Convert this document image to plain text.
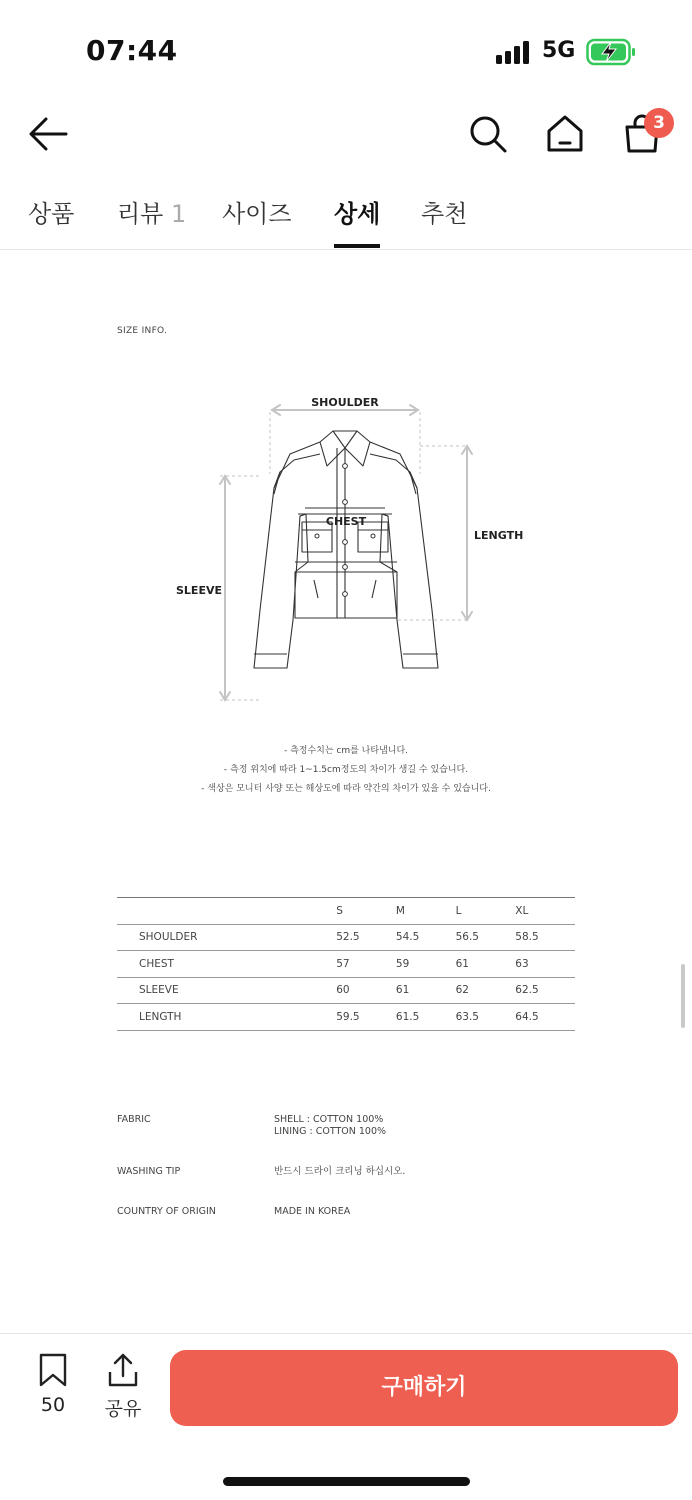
07:44	5G
3
상품 리뷰 1 사이즈 상세 추천
SIZE INFO.
SHOULDER
CHEST
LENGTH
SLEEVE
- 측정수치는 cm를 나타냅니다.
- 측정 위치에 따라 1~1.5cm정도의 차이가 생길 수 있습니다.
- 색상은 모니터 사양 또는 해상도에 따라 약간의 차이가 있을 수 있습니다.
	S	M	L	XL
SHOULDER	52.5	54.5	56.5	58.5
CHEST	57	59	61	63
SLEEVE	60	61	62	62.5
LENGTH	59.5	61.5	63.5	64.5
FABRIC	SHELL : COTTON 100%
LINING : COTTON 100%
WASHING TIP	반드시 드라이 크리닝 하십시오.
COUNTRY OF ORIGIN	MADE IN KOREA
50	공유
구매하기
